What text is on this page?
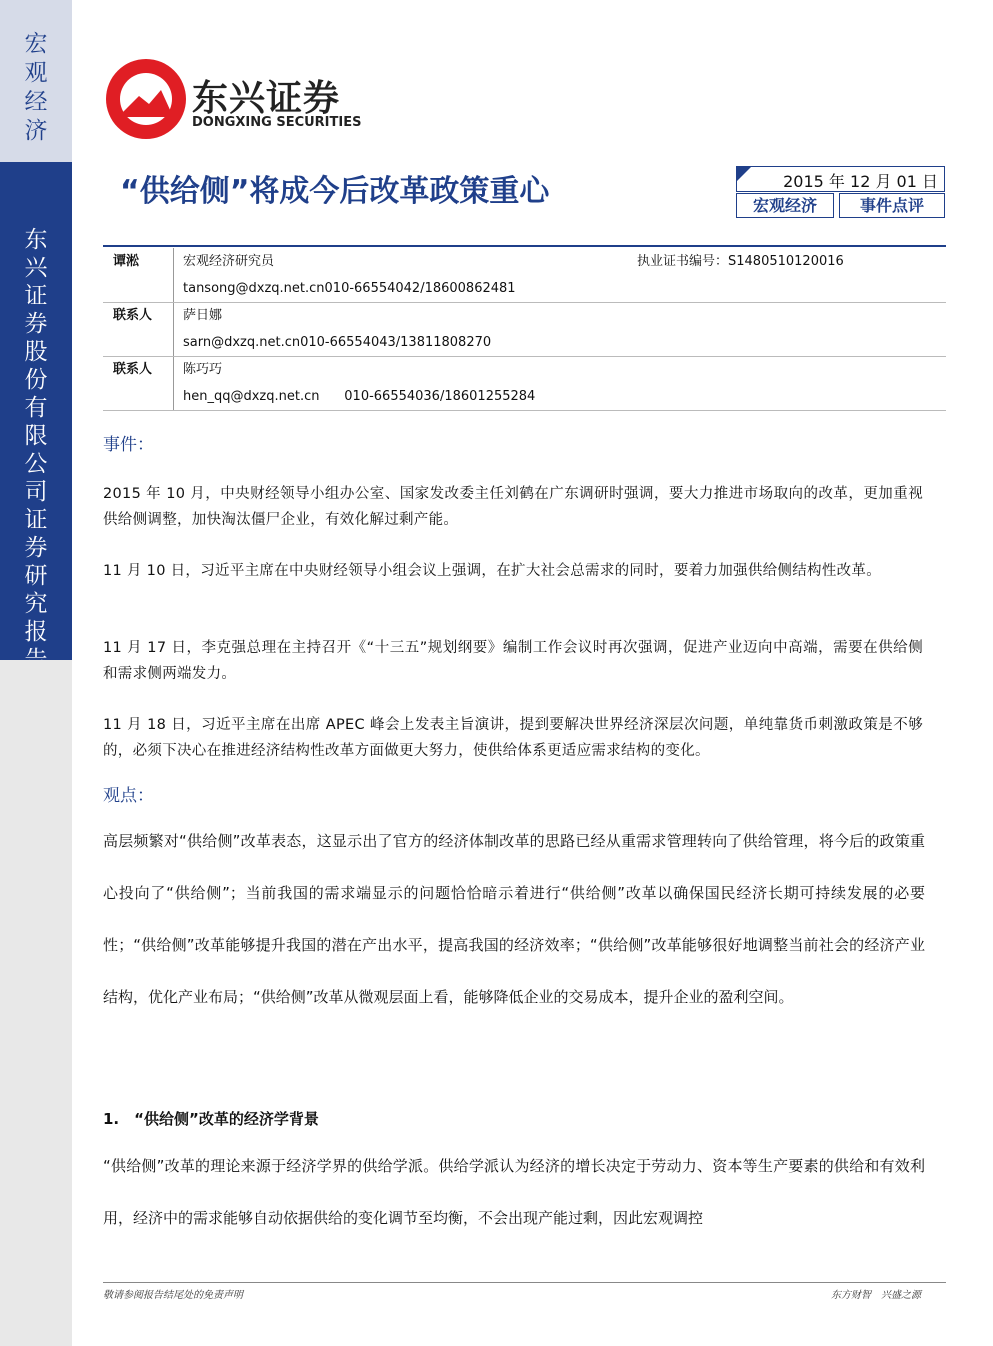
宏观经济
东兴证券股份有限公司证券研究报
东兴证券
DONGXING SECURITIES
“供给侧”将成今后改革政策重心	2015 年 12 月 01 日
宏观经济	事件点评
谭淞	宏观经济研究员	执业证书编号：S1480510120016
tansong@dxzq.net.cn010-66554042/18600862481
联系人 萨日娜
sarn@dxzq.net.cn010-66554043/13811808270
联系人 陈巧巧
hen_qq@dxzq.net.cn      010-66554036/18601255284
事件：
2015 年 10 月，中央财经领导小组办公室、国家发改委主任刘鹤在广东调研时强调，要大力推进市场取向的改革，更加重视供给侧调整，加快淘汰僵尸企业，有效化解过剩产能。
11 月 10 日，习近平主席在中央财经领导小组会议上强调，在扩大社会总需求的同时，要着力加强供给侧结构性改革。
11 月 17 日，李克强总理在主持召开《“十三五”规划纲要》编制工作会议时再次强调，促进产业迈向中高端，需要在供给侧和需求侧两端发力。
11 月 18 日，习近平主席在出席 APEC 峰会上发表主旨演讲，提到要解决世界经济深层次问题，单纯靠货币刺激政策是不够的，必须下决心在推进经济结构性改革方面做更大努力，使供给体系更适应需求结构的变化。
观点：
高层频繁对“供给侧”改革表态，这显示出了官方的经济体制改革的思路已经从重需求管理转向了供给管理，将今后的政策重心投向了“供给侧”；当前我国的需求端显示的问题恰恰暗示着进行“供给侧”改革以确保国民经济长期可持续发展的必要性；“供给侧”改革能够提升我国的潜在产出水平，提高我国的经济效率；“供给侧”改革能够很好地调整当前社会的经济产业结构，优化产业布局；“供给侧”改革从微观层面上看，能够降低企业的交易成本，提升企业的盈利空间。
1.　“供给侧”改革的经济学背景
“供给侧”改革的理论来源于经济学界的供给学派。供给学派认为经济的增长决定于劳动力、资本等生产要素的供给和有效利用，经济中的需求能够自动依据供给的变化调节至均衡，不会出现产能过剩，因此宏观调控
敬请参阅报告结尾处的免责声明	东方财智　兴盛之源
